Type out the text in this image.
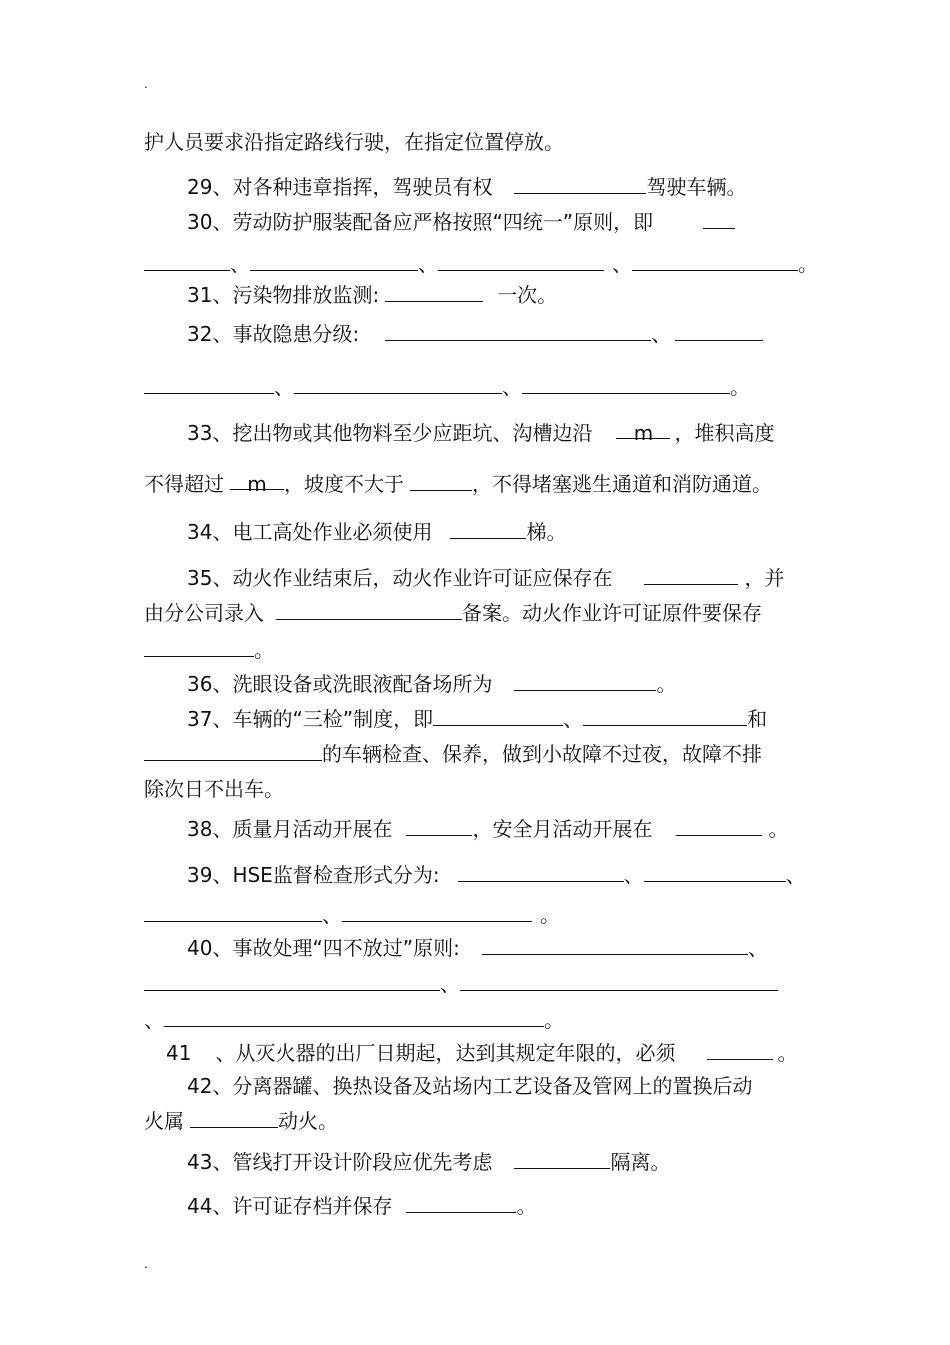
.
护人员要求沿指定路线行驶，在指定位置停放。
29、对各种违章指挥，驾驶员有权	驾驶车辆。
30、劳动防护服装配备应严格按照“四统一”原则，即
、	、	、	。
31、污染物排放监测:	一次。
32、事故隐患分级:	、
、	、	。
33、挖出物或其他物料至少应距坑、沟槽边沿 m ，堆积高度
不得超过 m ，坡度不大于	，不得堵塞逃生通道和消防通道。
34、电工高处作业必须使用	梯。
35、动火作业结束后，动火作业许可证应保存在	，并
由分公司录入	备案。动火作业许可证原件要保存
。
36、洗眼设备或洗眼液配备场所为	。
37、车辆的“三检”制度，即	、	和
的车辆检查、保养，做到小故障不过夜，故障不排
除次日不出车。
38、质量月活动开展在	，安全月活动开展在	。
39、HSE监督检查形式分为:	、	、
、	。
40、事故处理“四不放过”原则:	、
、
、	。
41 、从灭火器的出厂日期起，达到其规定年限的，必须	。
42、分离器罐、换热设备及站场内工艺设备及管网上的置换后动
火属	动火。
43、管线打开设计阶段应优先考虑	隔离。
44、许可证存档并保存	。
.
